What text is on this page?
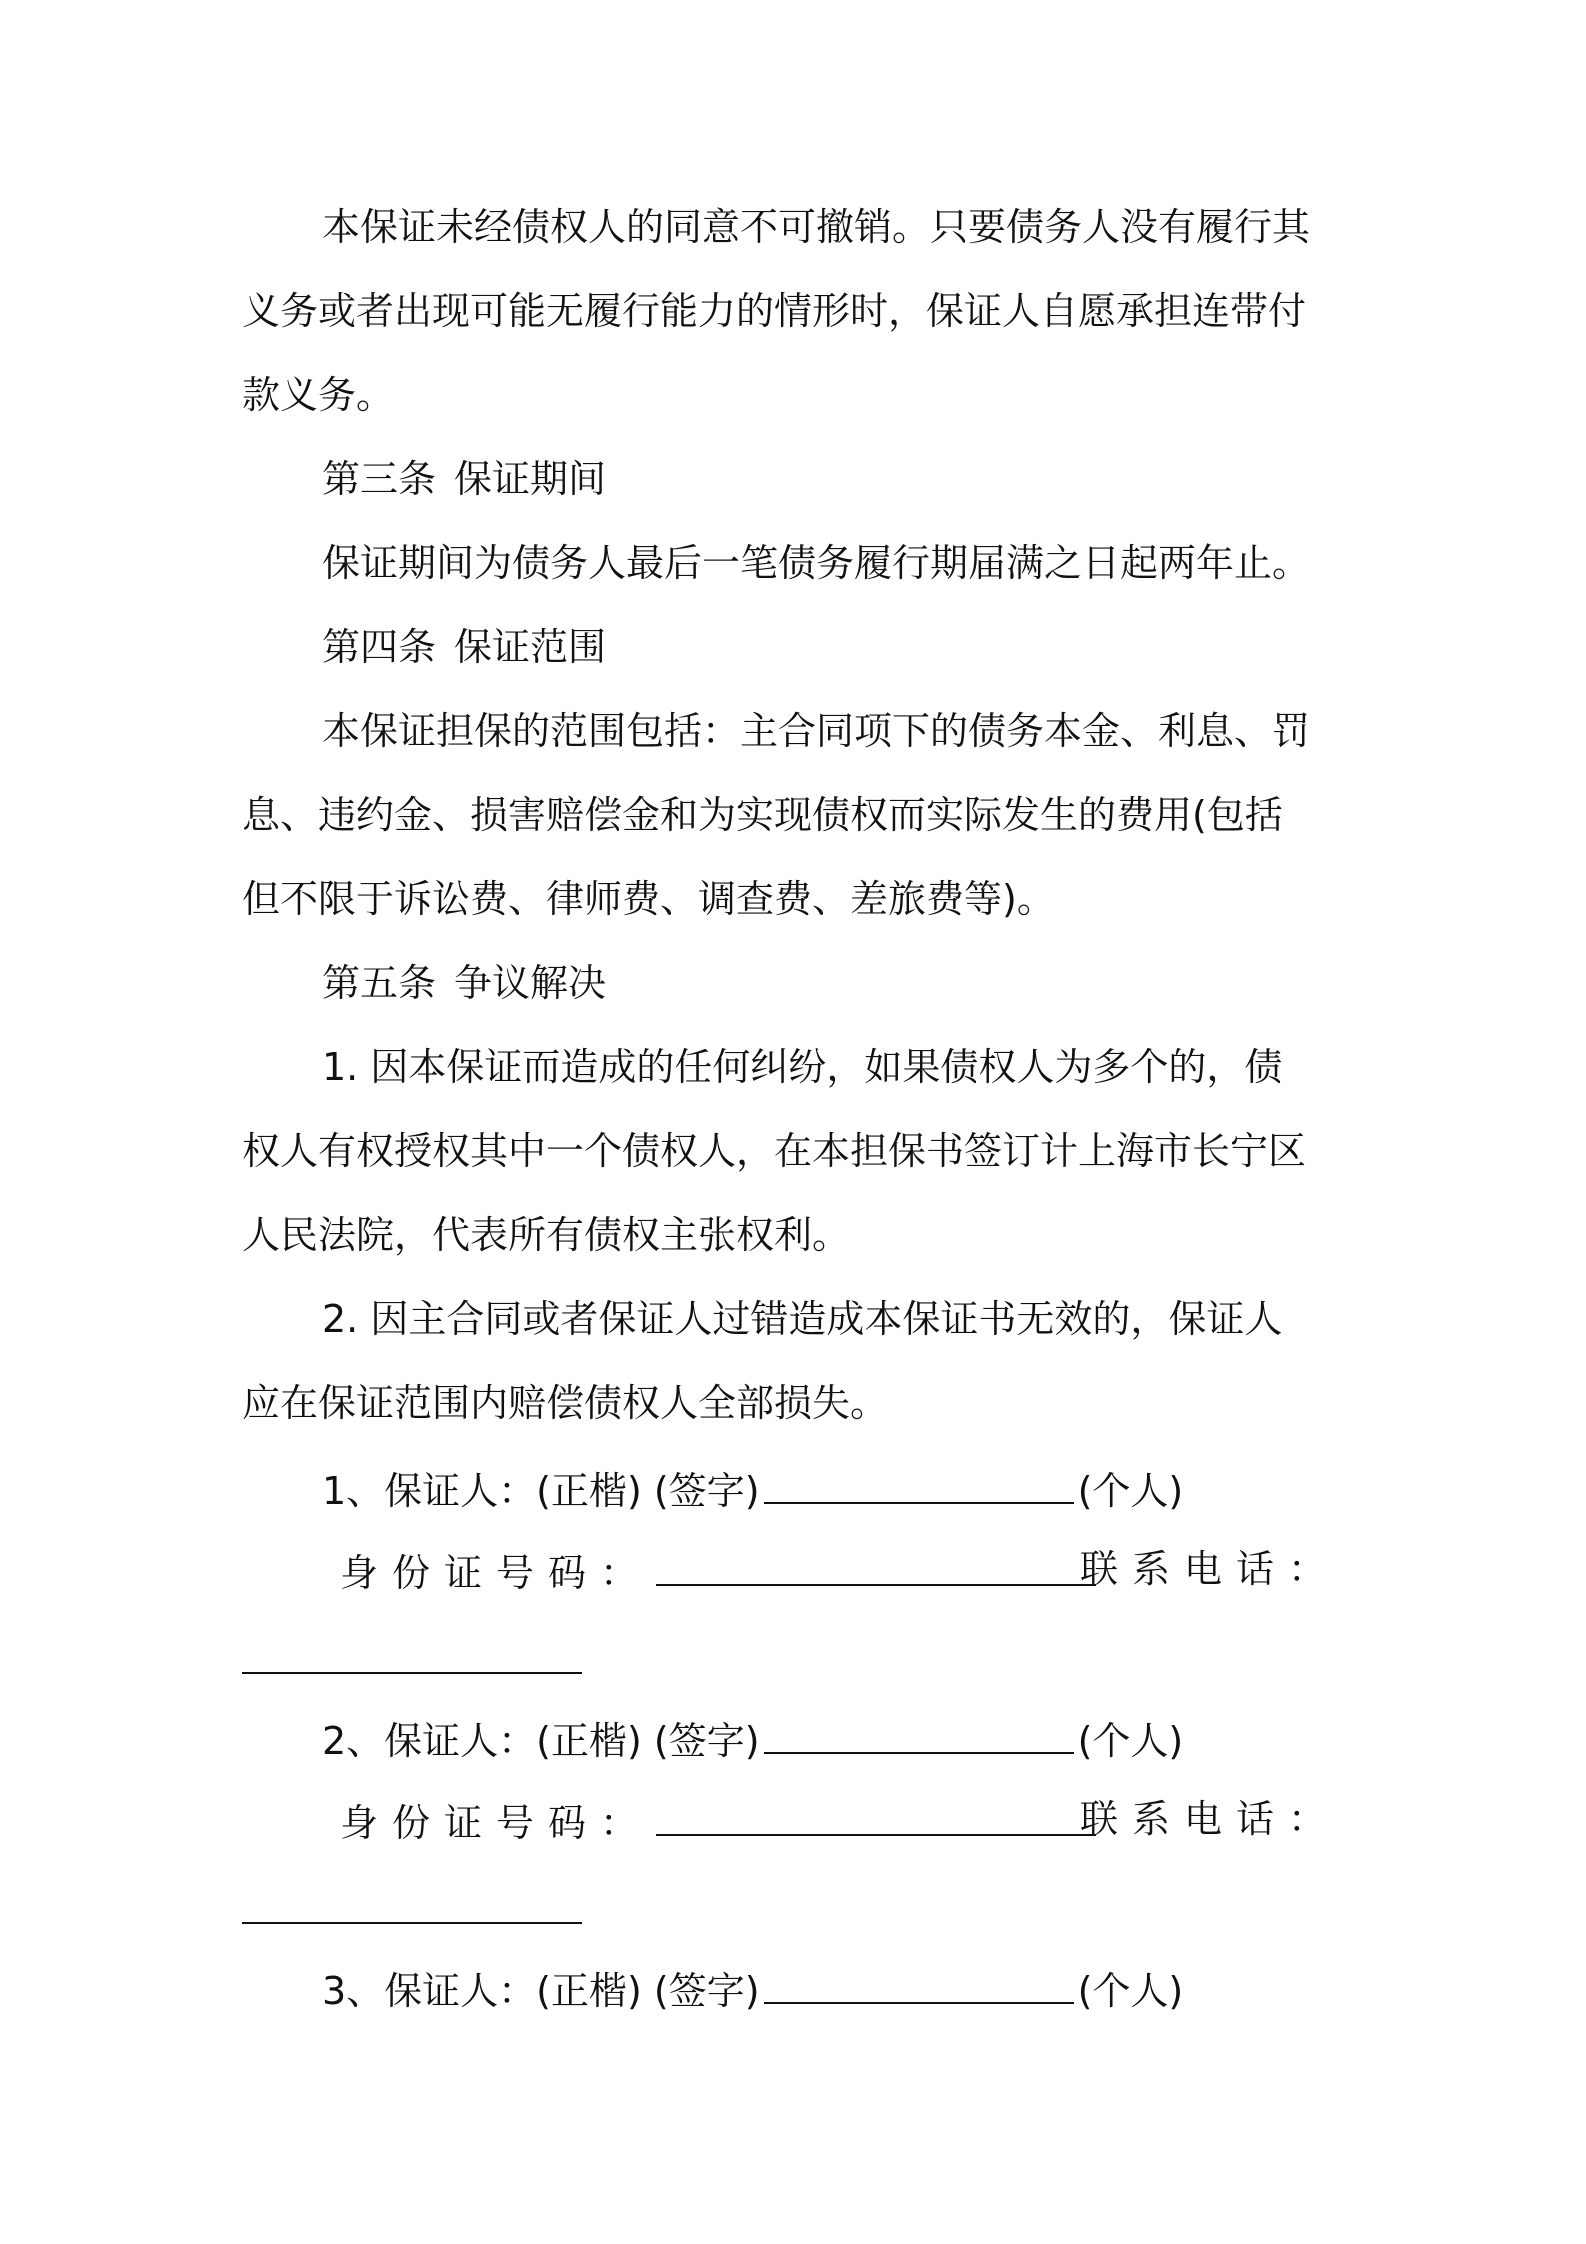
本保证未经债权人的同意不可撤销。只要债务人没有履行其
义务或者出现可能无履行能力的情形时，保证人自愿承担连带付
款义务。
第三条 保证期间
保证期间为债务人最后一笔债务履行期届满之日起两年止。
第四条 保证范围
本保证担保的范围包括：主合同项下的债务本金、利息、罚
息、违约金、损害赔偿金和为实现债权而实际发生的费用(包括
但不限于诉讼费、律师费、调查费、差旅费等)。
第五条 争议解决
1. 因本保证而造成的任何纠纷，如果债权人为多个的，债
权人有权授权其中一个债权人，在本担保书签订计上海市长宁区
人民法院，代表所有债权主张权利。
2. 因主合同或者保证人过错造成本保证书无效的，保证人
应在保证范围内赔偿债权人全部损失。
1、保证人：(正楷) (签字)	(个人)
身份证号码：	联系电话：
2、保证人：(正楷) (签字)	(个人)
身份证号码：	联系电话：
3、保证人：(正楷) (签字)	(个人)
